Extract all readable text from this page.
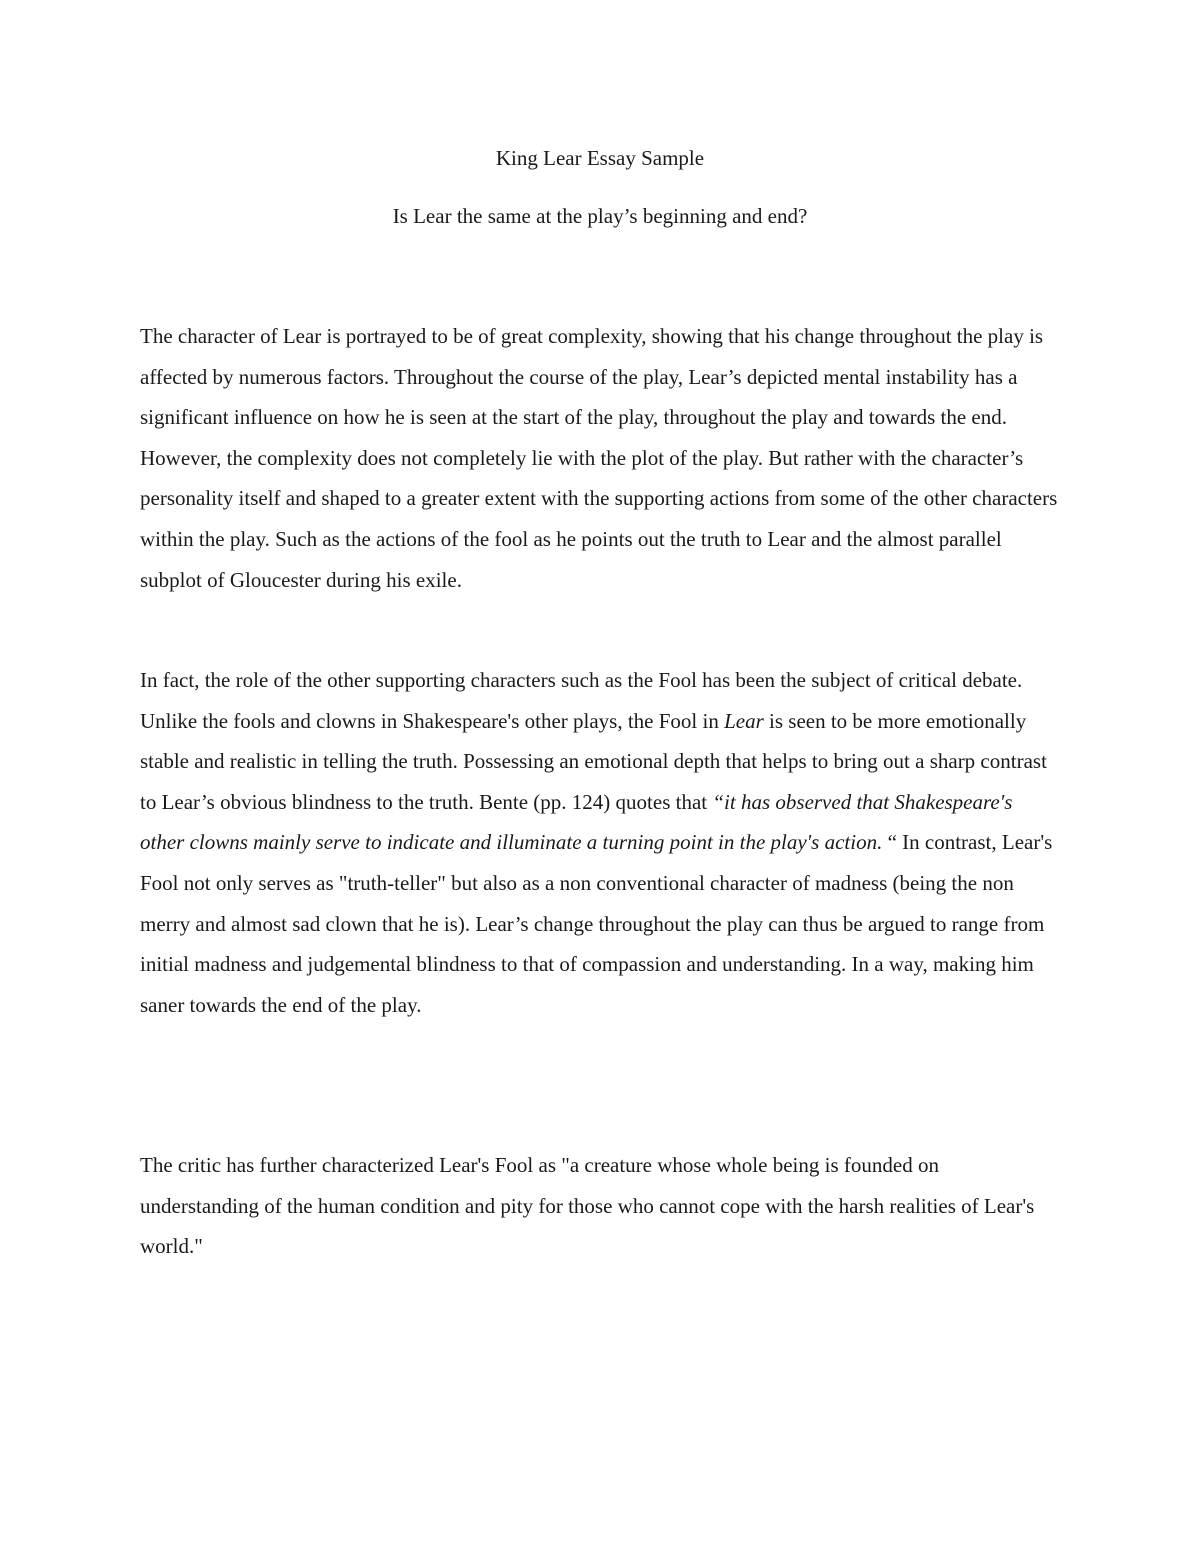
King Lear Essay Sample
Is Lear the same at the play’s beginning and end?

The character of Lear is portrayed to be of great complexity, showing that his change throughout the play is affected by numerous factors. Throughout the course of the play, Lear’s depicted mental instability has a significant influence on how he is seen at the start of the play, throughout the play and towards the end. However, the complexity does not completely lie with the plot of the play. But rather with the character’s personality itself and shaped to a greater extent with the supporting actions from some of the other characters within the play. Such as the actions of the fool as he points out the truth to Lear and the almost parallel subplot of Gloucester during his exile.

In fact, the role of the other supporting characters such as the Fool has been the subject of critical debate. Unlike the fools and clowns in Shakespeare's other plays, the Fool in Lear is seen to be more emotionally stable and realistic in telling the truth. Possessing an emotional depth that helps to bring out a sharp contrast to Lear’s obvious blindness to the truth. Bente (pp. 124) quotes that “it has observed that Shakespeare's other clowns mainly serve to indicate and illuminate a turning point in the play's action. “ In contrast, Lear's Fool not only serves as "truth-teller" but also as a non conventional character of madness (being the non merry and almost sad clown that he is). Lear’s change throughout the play can thus be argued to range from initial madness and judgemental blindness to that of compassion and understanding. In a way, making him saner towards the end of the play.

The critic has further characterized Lear's Fool as "a creature whose whole being is founded on understanding of the human condition and pity for those who cannot cope with the harsh realities of Lear's world."
